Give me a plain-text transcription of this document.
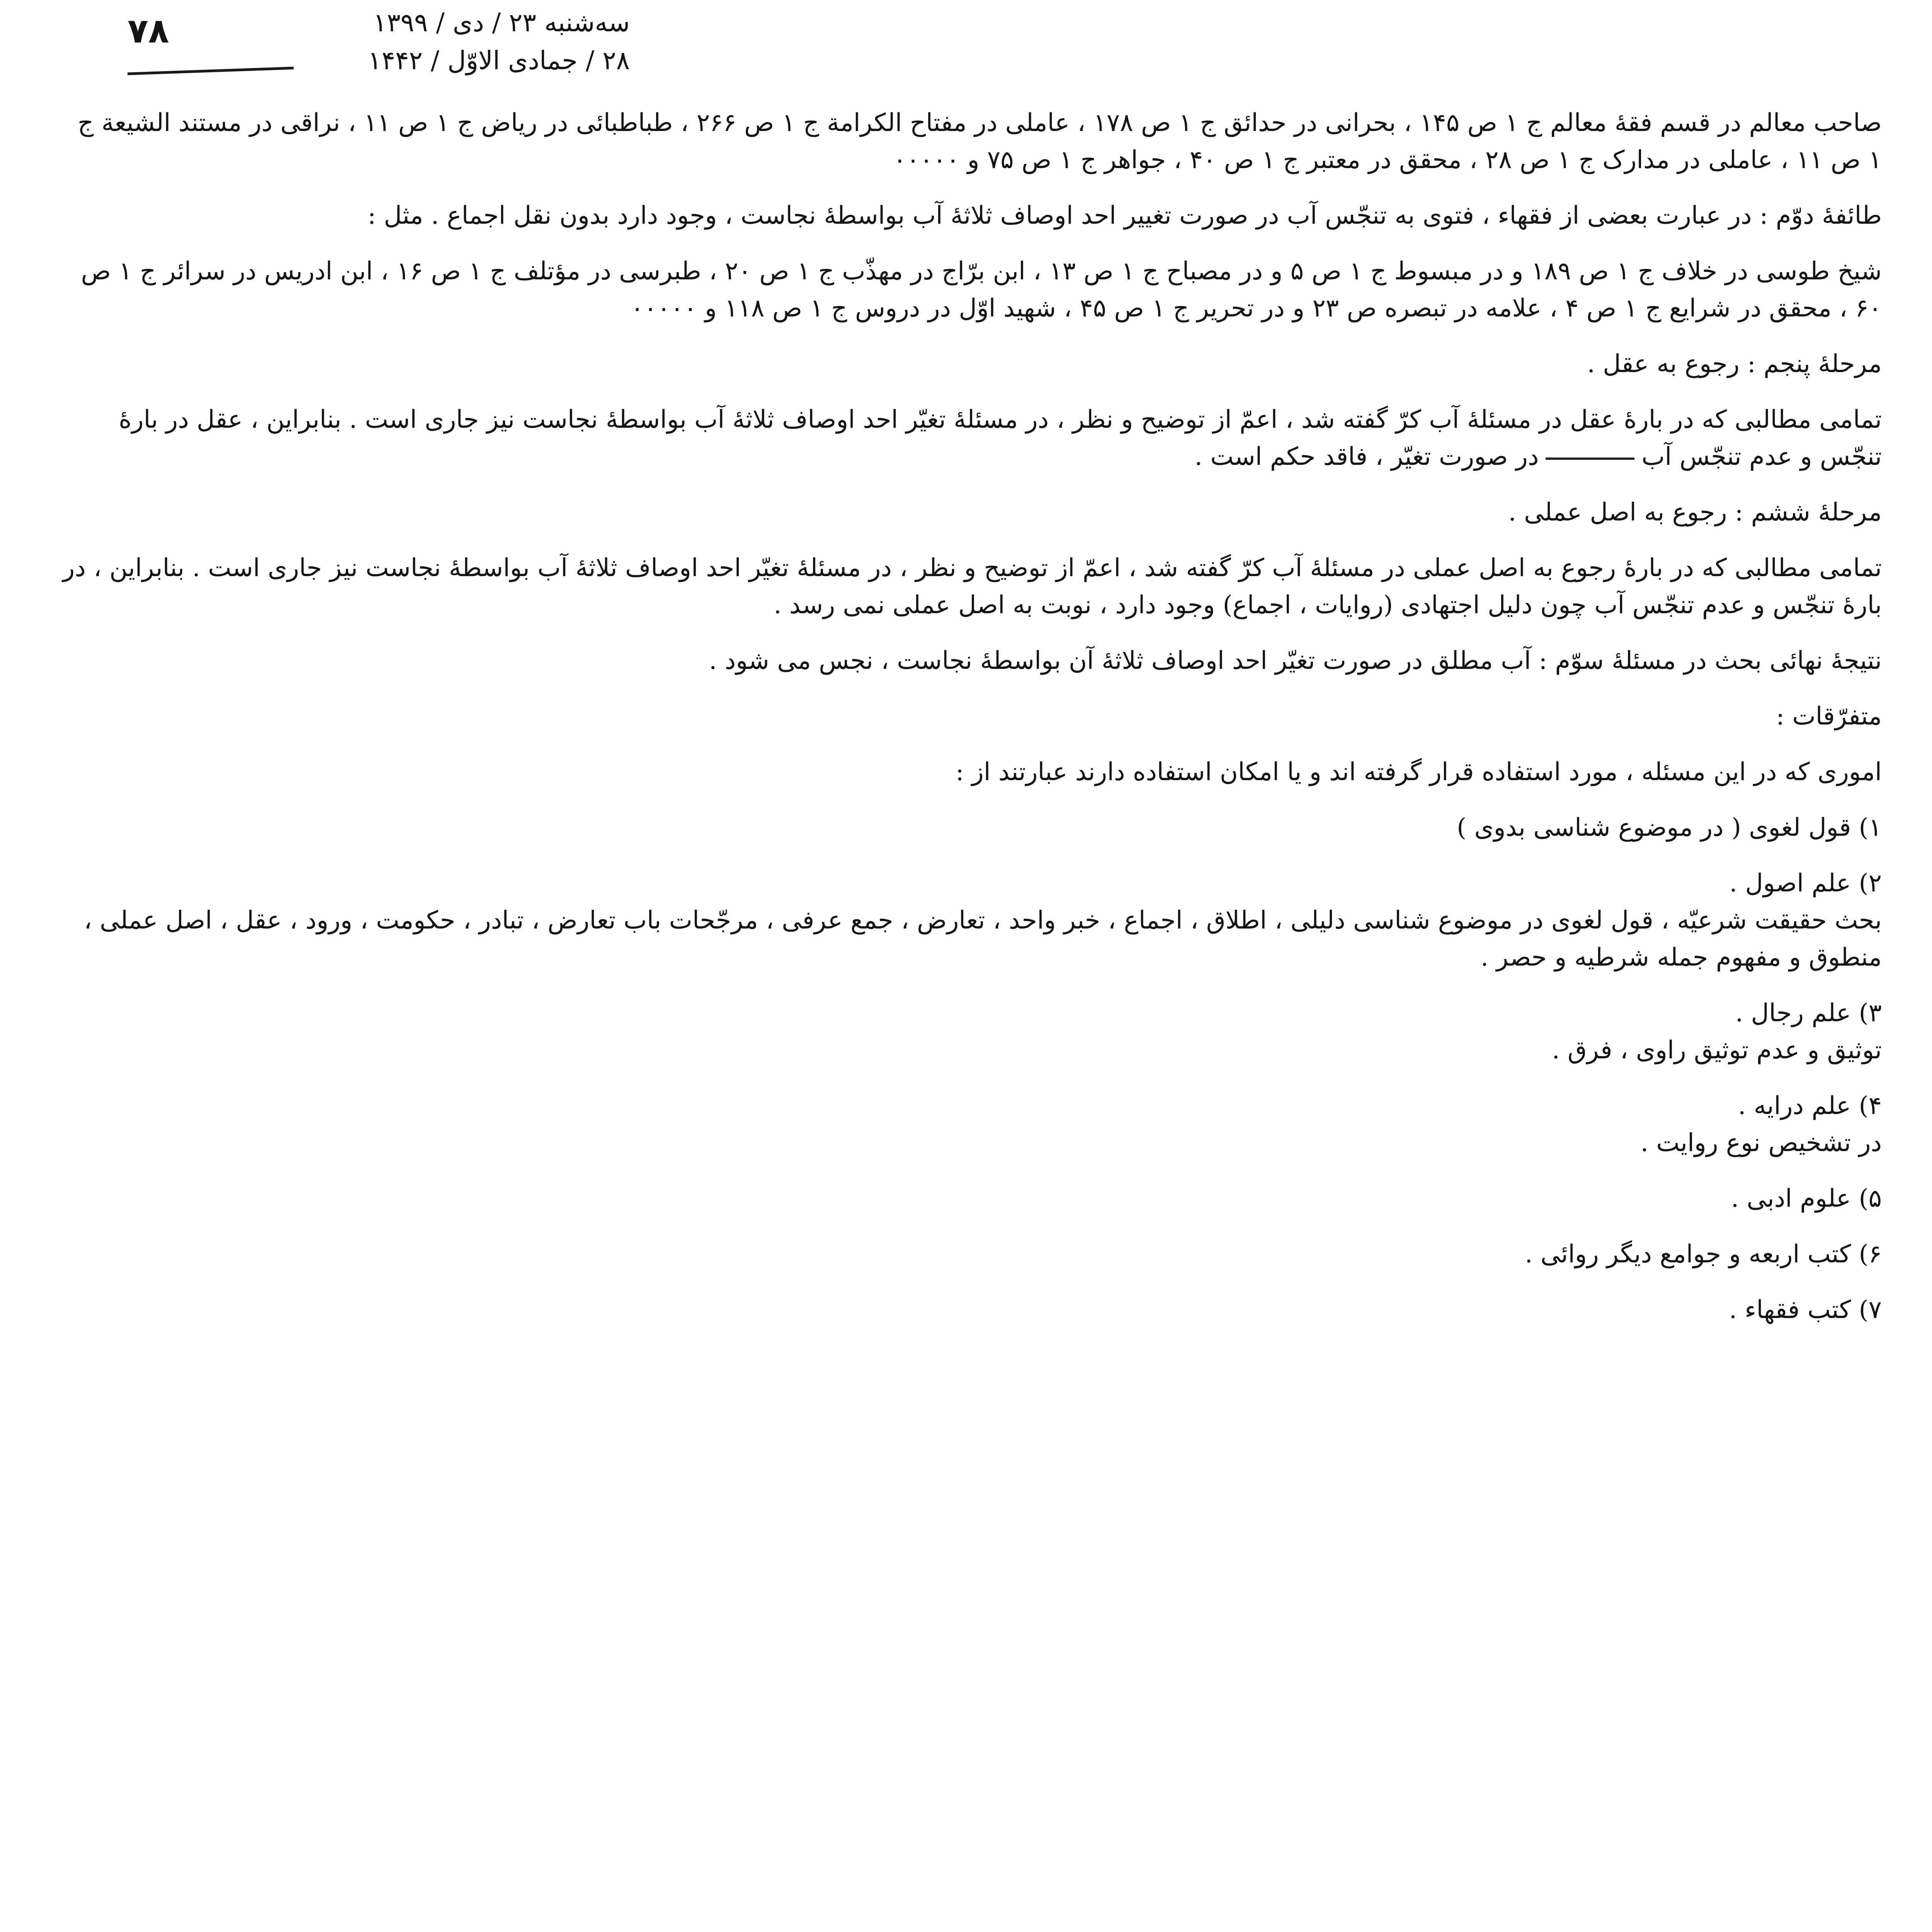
٧٨	سه‌شنبه ۲۳ / دی / ۱۳۹۹
۲۸ / جمادی الاوّل / ۱۴۴۲

صاحب معالم در قسم فقهٔ معالم ج ۱ ص ۱۴۵ ، بحرانی در حدائق ج ۱ ص ۱۷۸ ، عاملی در مفتاح الکرامة ج ۱ ص ۲۶۶ ، طباطبائی در ریاض ج ۱ ص ۱۱ ، نراقی در مستند الشیعة ج ۱ ص ۱۱ ، عاملی در مدارک ج ۱ ص ۲۸ ، محقق در معتبر ج ۱ ص ۴۰ ، جواهر ج ۱ ص ۷۵ و ۰۰۰۰۰

طائفهٔ دوّم : در عبارت بعضی از فقهاء ، فتوی به تنجّس آب در صورت تغییر احد اوصاف ثلاثهٔ آب بواسطهٔ نجاست ، وجود دارد بدون نقل اجماع . مثل :

شیخ طوسی در خلاف ج ۱ ص ۱۸۹ و در مبسوط ج ۱ ص ۵ و در مصباح ج ۱ ص ۱۳ ، ابن برّاج در مهذّب ج ۱ ص ۲۰ ، طبرسی در مؤتلف ج ۱ ص ۱۶ ، ابن ادریس در سرائر ج ۱ ص ۶۰ ، محقق در شرایع ج ۱ ص ۴ ، علامه در تبصره ص ۲۳ و در تحریر ج ۱ ص ۴۵ ، شهید اوّل در دروس ج ۱ ص ۱۱۸ و ۰۰۰۰۰

مرحلهٔ پنجم : رجوع به عقل .

تمامی مطالبی که در بارهٔ عقل در مسئلهٔ آب کرّ گفته شد ، اعمّ از توضیح و نظر ، در مسئلهٔ تغیّر احد اوصاف ثلاثهٔ آب بواسطهٔ نجاست نیز جاری است . بنابراین ، عقل در بارهٔ تنجّس و عدم تنجّس آبدر صورت تغیّر ، فاقد حکم است .

مرحلهٔ ششم : رجوع به اصل عملی .

تمامی مطالبی که در بارهٔ رجوع به اصل عملی در مسئلهٔ آب کرّ گفته شد ، اعمّ از توضیح و نظر ، در مسئلهٔ تغیّر احد اوصاف ثلاثهٔ آب بواسطهٔ نجاست نیز جاری است . بنابراین ، در بارهٔ تنجّس و عدم تنجّس آب چون دلیل اجتهادی (روایات ، اجماع) وجود دارد ، نوبت به اصل عملی نمی رسد .

نتیجهٔ نهائی بحث در مسئلهٔ سوّم : آب مطلق در صورت تغیّر احد اوصاف ثلاثهٔ آن بواسطهٔ نجاست ، نجس می شود .

متفرّقات :

اموری که در این مسئله ، مورد استفاده قرار گرفته اند و یا امکان استفاده دارند عبارتند از :

۱) قول لغوی ( در موضوع شناسی بدوی )
۲) علم اصول .
بحث حقیقت شرعیّه ، قول لغوی در موضوع شناسی دلیلی ، اطلاق ، اجماع ، خبر واحد ، تعارض ، جمع عرفی ، مرجّحات باب تعارض ، تبادر ، حکومت ، ورود ، عقل ، اصل عملی ، منطوق و مفهوم جمله شرطیه و حصر .
۳) علم رجال .
توثیق و عدم توثیق راوی ، فرق .
۴) علم درایه .
در تشخیص نوع روایت .
۵) علوم ادبی .
۶) کتب اربعه و جوامع دیگر روائی .
۷) کتب فقهاء .
